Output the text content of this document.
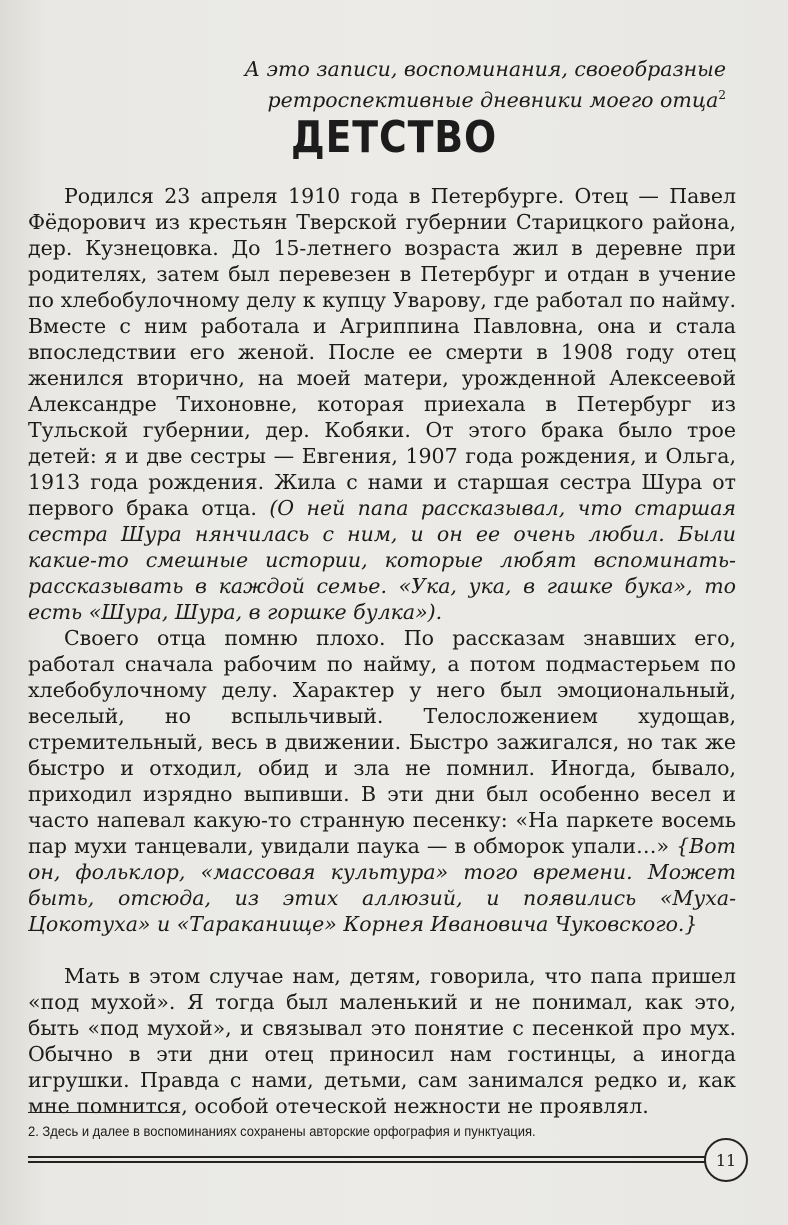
А это записи, воспоминания, своеобразные
ретроспективные дневники моего отца$^2$
ДЕТСТВО

Родился 23 апреля 1910 года в Петербурге. Отец — Павел Фёдорович из крестьян Тверской губернии Старицкого района, дер. Кузнецовка. До 15-летнего возраста жил в деревне при родителях, затем был перевезен в Петербург и отдан в учение по хлебобулочному делу к купцу Уварову, где работал по найму. Вместе с ним работала и Агриппина Павловна, она и стала впоследствии его женой. После ее смерти в 1908 году отец женился вторично, на моей матери, урожденной Алексеевой Александре Тихоновне, которая приехала в Петербург из Тульской губернии, дер. Кобяки. От этого брака было трое детей: я и две сестры — Евгения, 1907 года рождения, и Ольга, 1913 года рождения. Жила с нами и старшая сестра Шура от первого брака отца. (О ней папа рассказывал, что старшая сестра Шура нянчилась с ним, и он ее очень любил. Были какие-то смешные истории, которые любят вспоминать-рассказывать в каждой семье. «Ука, ука, в гашке бука», то есть «Шура, Шура, в горшке булка»).

Своего отца помню плохо. По рассказам знавших его, работал сначала рабочим по найму, а потом подмастерьем по хлебобулочному делу. Характер у него был эмоциональный, веселый, но вспыльчивый. Телосложением худощав, стремительный, весь в движении. Быстро зажигался, но так же быстро и отходил, обид и зла не помнил. Иногда, бывало, приходил изрядно выпивши. В эти дни был особенно весел и часто напевал какую-то странную песенку: «На паркете восемь пар мухи танцевали, увидали паука — в обморок упали…» {Вот он, фольклор, «массовая культура» того времени. Может быть, отсюда, из этих аллюзий, и появились «Муха-Цокотуха» и «Тараканище» Корнея Ивановича Чуковского.}

Мать в этом случае нам, детям, говорила, что папа пришел «под мухой». Я тогда был маленький и не понимал, как это, быть «под мухой», и связывал это понятие с песенкой про мух. Обычно в эти дни отец приносил нам гостинцы, а иногда игрушки. Правда с нами, детьми, сам занимался редко и, как мне помнится, особой отеческой нежности не проявлял.

2. Здесь и далее в воспоминаниях сохранены авторские орфография и пунктуация.
11
